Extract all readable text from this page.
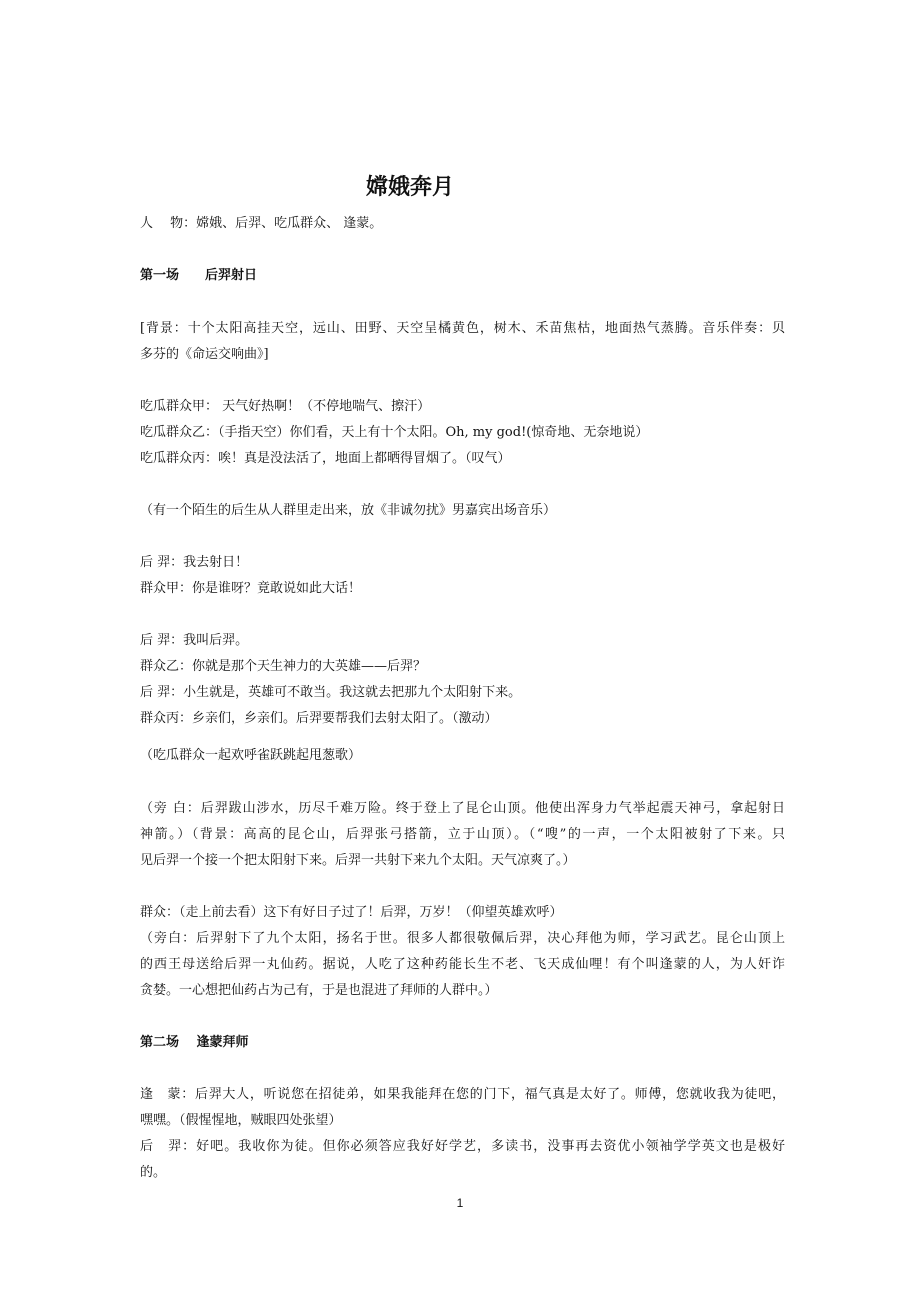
嫦娥奔月
人　 物：嫦娥、后羿、吃瓜群众、 逢蒙。
第一场　　后羿射日
[背景：十个太阳高挂天空，远山、田野、天空呈橘黄色，树木、禾苗焦枯，地面热气蒸腾。音乐伴奏：贝
多芬的《命运交响曲》]
吃瓜群众甲： 天气好热啊！（不停地喘气、擦汗）
吃瓜群众乙：（手指天空）你们看，天上有十个太阳。Oh, my god!(惊奇地、无奈地说）
吃瓜群众丙：唉！真是没法活了，地面上都晒得冒烟了。（叹气）
（有一个陌生的后生从人群里走出来，放《非诚勿扰》男嘉宾出场音乐）
后 羿：我去射日！
群众甲：你是谁呀？竟敢说如此大话！
后 羿：我叫后羿。
群众乙：你就是那个天生神力的大英雄——后羿？
后 羿：小生就是，英雄可不敢当。我这就去把那九个太阳射下来。
群众丙：乡亲们，乡亲们。后羿要帮我们去射太阳了。（激动）
（吃瓜群众一起欢呼雀跃跳起甩葱歌）
（旁 白：后羿跋山涉水，历尽千难万险。终于登上了昆仑山顶。他使出浑身力气举起震天神弓，拿起射日
神箭。）（背景：高高的昆仑山，后羿张弓搭箭，立于山顶）。（“嗖”的一声，一个太阳被射了下来。只
见后羿一个接一个把太阳射下来。后羿一共射下来九个太阳。天气凉爽了。）
群众：（走上前去看）这下有好日子过了！后羿，万岁！（仰望英雄欢呼）
（旁白：后羿射下了九个太阳，扬名于世。很多人都很敬佩后羿，决心拜他为师，学习武艺。昆仑山顶上
的西王母送给后羿一丸仙药。据说，人吃了这种药能长生不老、飞天成仙哩！有个叫逢蒙的人，为人奸诈
贪婪。一心想把仙药占为己有，于是也混进了拜师的人群中。）
第二场　 逢蒙拜师
逢　蒙：后羿大人，听说您在招徒弟，如果我能拜在您的门下，福气真是太好了。师傅，您就收我为徒吧，
嘿嘿。（假惺惺地，贼眼四处张望）
后　羿：好吧。我收你为徒。但你必须答应我好好学艺，多读书，没事再去资优小领袖学学英文也是极好
的。
1
